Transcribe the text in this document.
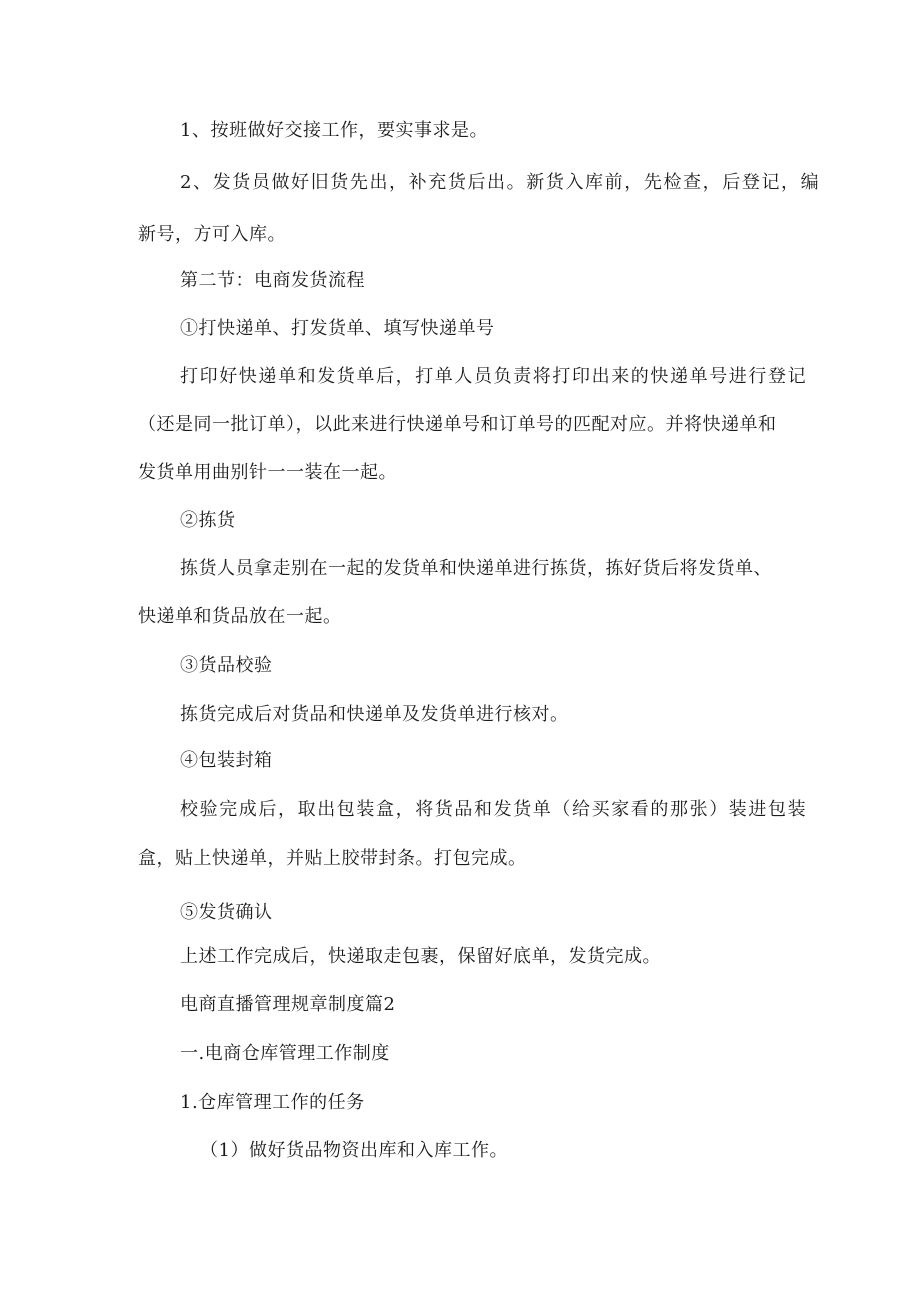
1、按班做好交接工作，要实事求是。
2、发货员做好旧货先出，补充货后出。新货入库前，先检查，后登记，编
新号，方可入库。
第二节：电商发货流程
①打快递单、打发货单、填写快递单号
打印好快递单和发货单后，打单人员负责将打印出来的快递单号进行登记
（还是同一批订单），以此来进行快递单号和订单号的匹配对应。并将快递单和
发货单用曲别针一一装在一起。
②拣货
拣货人员拿走别在一起的发货单和快递单进行拣货，拣好货后将发货单、
快递单和货品放在一起。
③货品校验
拣货完成后对货品和快递单及发货单进行核对。
④包装封箱
校验完成后，取出包装盒，将货品和发货单（给买家看的那张）装进包装
盒，贴上快递单，并贴上胶带封条。打包完成。
⑤发货确认
上述工作完成后，快递取走包裹，保留好底单，发货完成。
电商直播管理规章制度篇2
一.电商仓库管理工作制度
1.仓库管理工作的任务
（1）做好货品物资出库和入库工作。
